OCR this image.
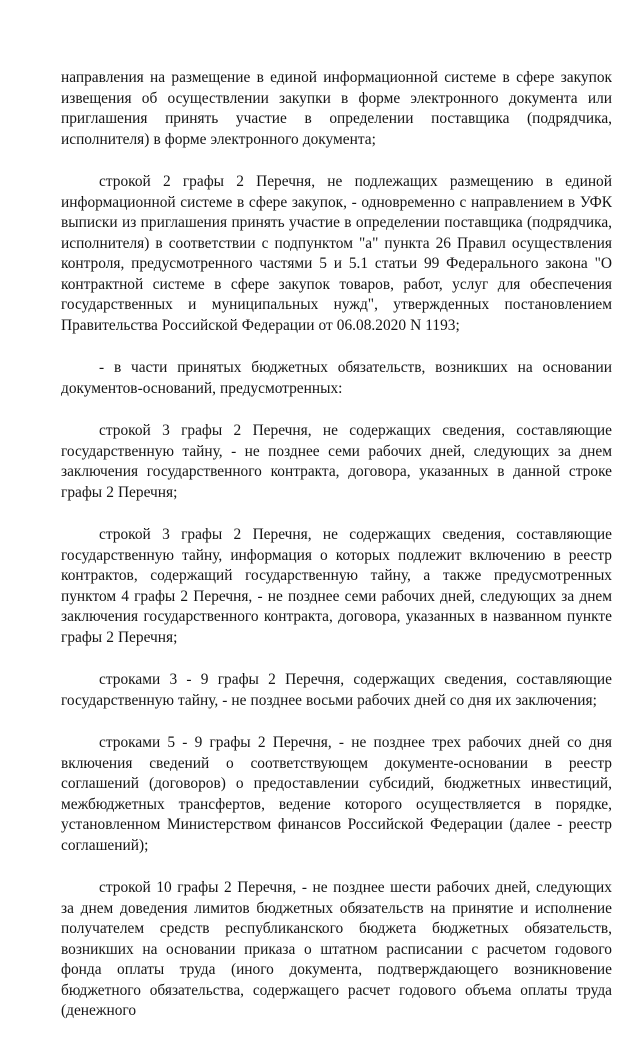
направления на размещение в единой информационной системе в сфере закупок извещения об осуществлении закупки в форме электронного документа или приглашения принять участие в определении поставщика (подрядчика, исполнителя) в форме электронного документа;

строкой 2 графы 2 Перечня, не подлежащих размещению в единой информационной системе в сфере закупок, - одновременно с направлением в УФК выписки из приглашения принять участие в определении поставщика (подрядчика, исполнителя) в соответствии с подпунктом "а" пункта 26 Правил осуществления контроля, предусмотренного частями 5 и 5.1 статьи 99 Федерального закона "О контрактной системе в сфере закупок товаров, работ, услуг для обеспечения государственных и муниципальных нужд", утвержденных постановлением Правительства Российской Федерации от 06.08.2020 N 1193;

- в части принятых бюджетных обязательств, возникших на основании документов-оснований, предусмотренных:

строкой 3 графы 2 Перечня, не содержащих сведения, составляющие государственную тайну, - не позднее семи рабочих дней, следующих за днем заключения государственного контракта, договора, указанных в данной строке графы 2 Перечня;

строкой 3 графы 2 Перечня, не содержащих сведения, составляющие государственную тайну, информация о которых подлежит включению в реестр контрактов, содержащий государственную тайну, а также предусмотренных пунктом 4 графы 2 Перечня, - не позднее семи рабочих дней, следующих за днем заключения государственного контракта, договора, указанных в названном пункте графы 2 Перечня;

строками 3 - 9 графы 2 Перечня, содержащих сведения, составляющие государственную тайну, - не позднее восьми рабочих дней со дня их заключения;

строками 5 - 9 графы 2 Перечня, - не позднее трех рабочих дней со дня включения сведений о соответствующем документе-основании в реестр соглашений (договоров) о предоставлении субсидий, бюджетных инвестиций, межбюджетных трансфертов, ведение которого осуществляется в порядке, установленном Министерством финансов Российской Федерации (далее - реестр соглашений);

строкой 10 графы 2 Перечня, - не позднее шести рабочих дней, следующих за днем доведения лимитов бюджетных обязательств на принятие и исполнение получателем средств республиканского бюджета бюджетных обязательств, возникших на основании приказа о штатном расписании с расчетом годового фонда оплаты труда (иного документа, подтверждающего возникновение бюджетного обязательства, содержащего расчет годового объема оплаты труда (денежного
